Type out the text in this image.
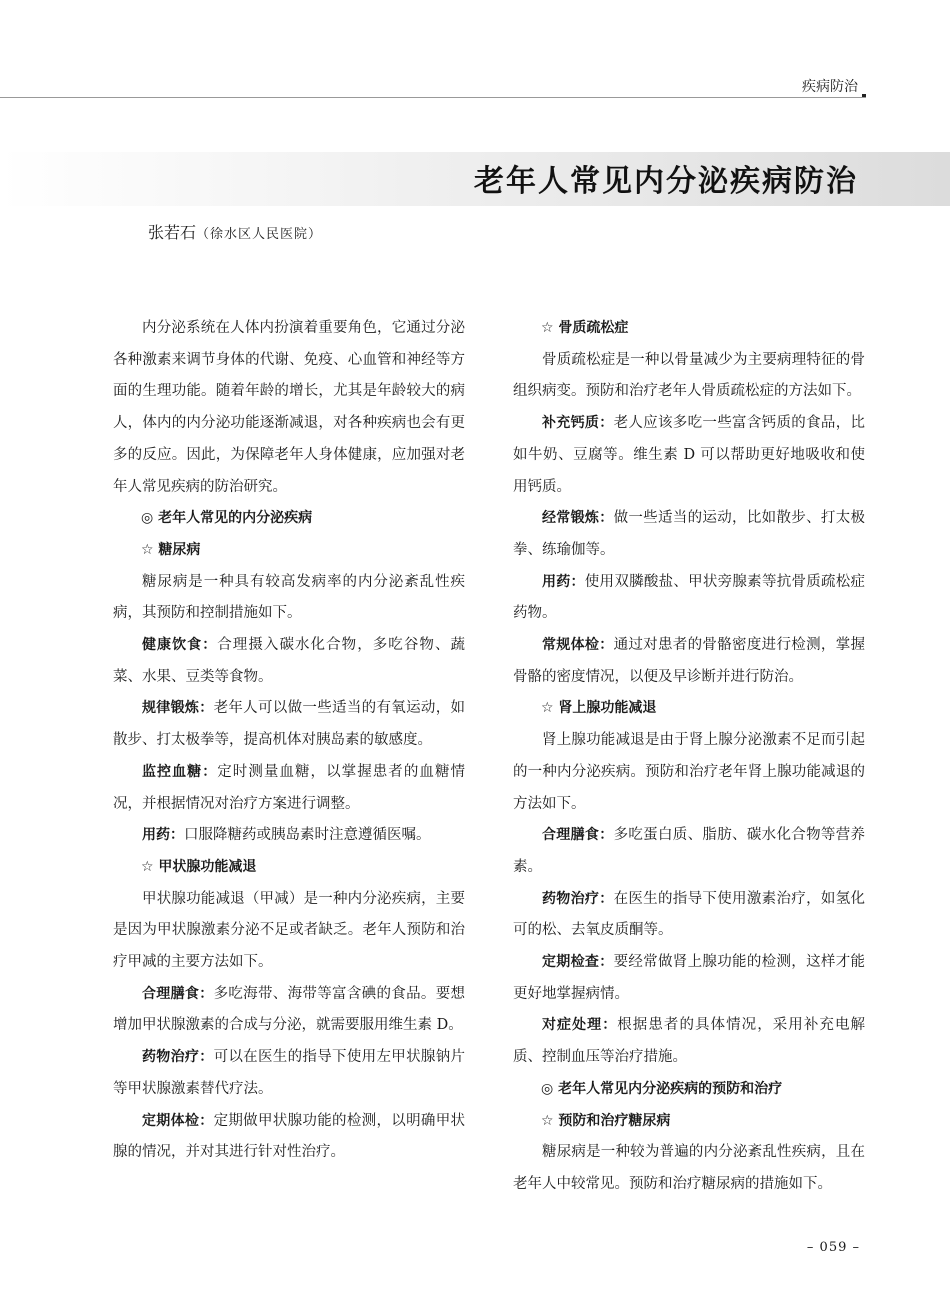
疾病防治
老年人常见内分泌疾病防治
张若石（徐水区人民医院）

内分泌系统在人体内扮演着重要角色，它通过分泌各种激素来调节身体的代谢、免疫、心血管和神经等方面的生理功能。随着年龄的增长，尤其是年龄较大的病人，体内的内分泌功能逐渐减退，对各种疾病也会有更多的反应。因此，为保障老年人身体健康，应加强对老年人常见疾病的防治研究。

◎ 老年人常见的内分泌疾病

☆ 糖尿病

糖尿病是一种具有较高发病率的内分泌紊乱性疾病，其预防和控制措施如下。

健康饮食：合理摄入碳水化合物，多吃谷物、蔬菜、水果、豆类等食物。

规律锻炼：老年人可以做一些适当的有氧运动，如散步、打太极拳等，提高机体对胰岛素的敏感度。

监控血糖：定时测量血糖，以掌握患者的血糖情况，并根据情况对治疗方案进行调整。

用药：口服降糖药或胰岛素时注意遵循医嘱。

☆ 甲状腺功能减退

甲状腺功能减退（甲减）是一种内分泌疾病，主要是因为甲状腺激素分泌不足或者缺乏。老年人预防和治疗甲减的主要方法如下。

合理膳食：多吃海带、海带等富含碘的食品。要想增加甲状腺激素的合成与分泌，就需要服用维生素 D。

药物治疗：可以在医生的指导下使用左甲状腺钠片等甲状腺激素替代疗法。

定期体检：定期做甲状腺功能的检测，以明确甲状腺的情况，并对其进行针对性治疗。

☆ 骨质疏松症

骨质疏松症是一种以骨量减少为主要病理特征的骨组织病变。预防和治疗老年人骨质疏松症的方法如下。

补充钙质：老人应该多吃一些富含钙质的食品，比如牛奶、豆腐等。维生素 D 可以帮助更好地吸收和使用钙质。

经常锻炼：做一些适当的运动，比如散步、打太极拳、练瑜伽等。

用药：使用双膦酸盐、甲状旁腺素等抗骨质疏松症药物。

常规体检：通过对患者的骨骼密度进行检测，掌握骨骼的密度情况，以便及早诊断并进行防治。

☆ 肾上腺功能减退

肾上腺功能减退是由于肾上腺分泌激素不足而引起的一种内分泌疾病。预防和治疗老年肾上腺功能减退的方法如下。

合理膳食：多吃蛋白质、脂肪、碳水化合物等营养素。

药物治疗：在医生的指导下使用激素治疗，如氢化可的松、去氧皮质酮等。

定期检查：要经常做肾上腺功能的检测，这样才能更好地掌握病情。

对症处理：根据患者的具体情况，采用补充电解质、控制血压等治疗措施。

◎ 老年人常见内分泌疾病的预防和治疗

☆ 预防和治疗糖尿病

糖尿病是一种较为普遍的内分泌紊乱性疾病，且在老年人中较常见。预防和治疗糖尿病的措施如下。

– 059 –
